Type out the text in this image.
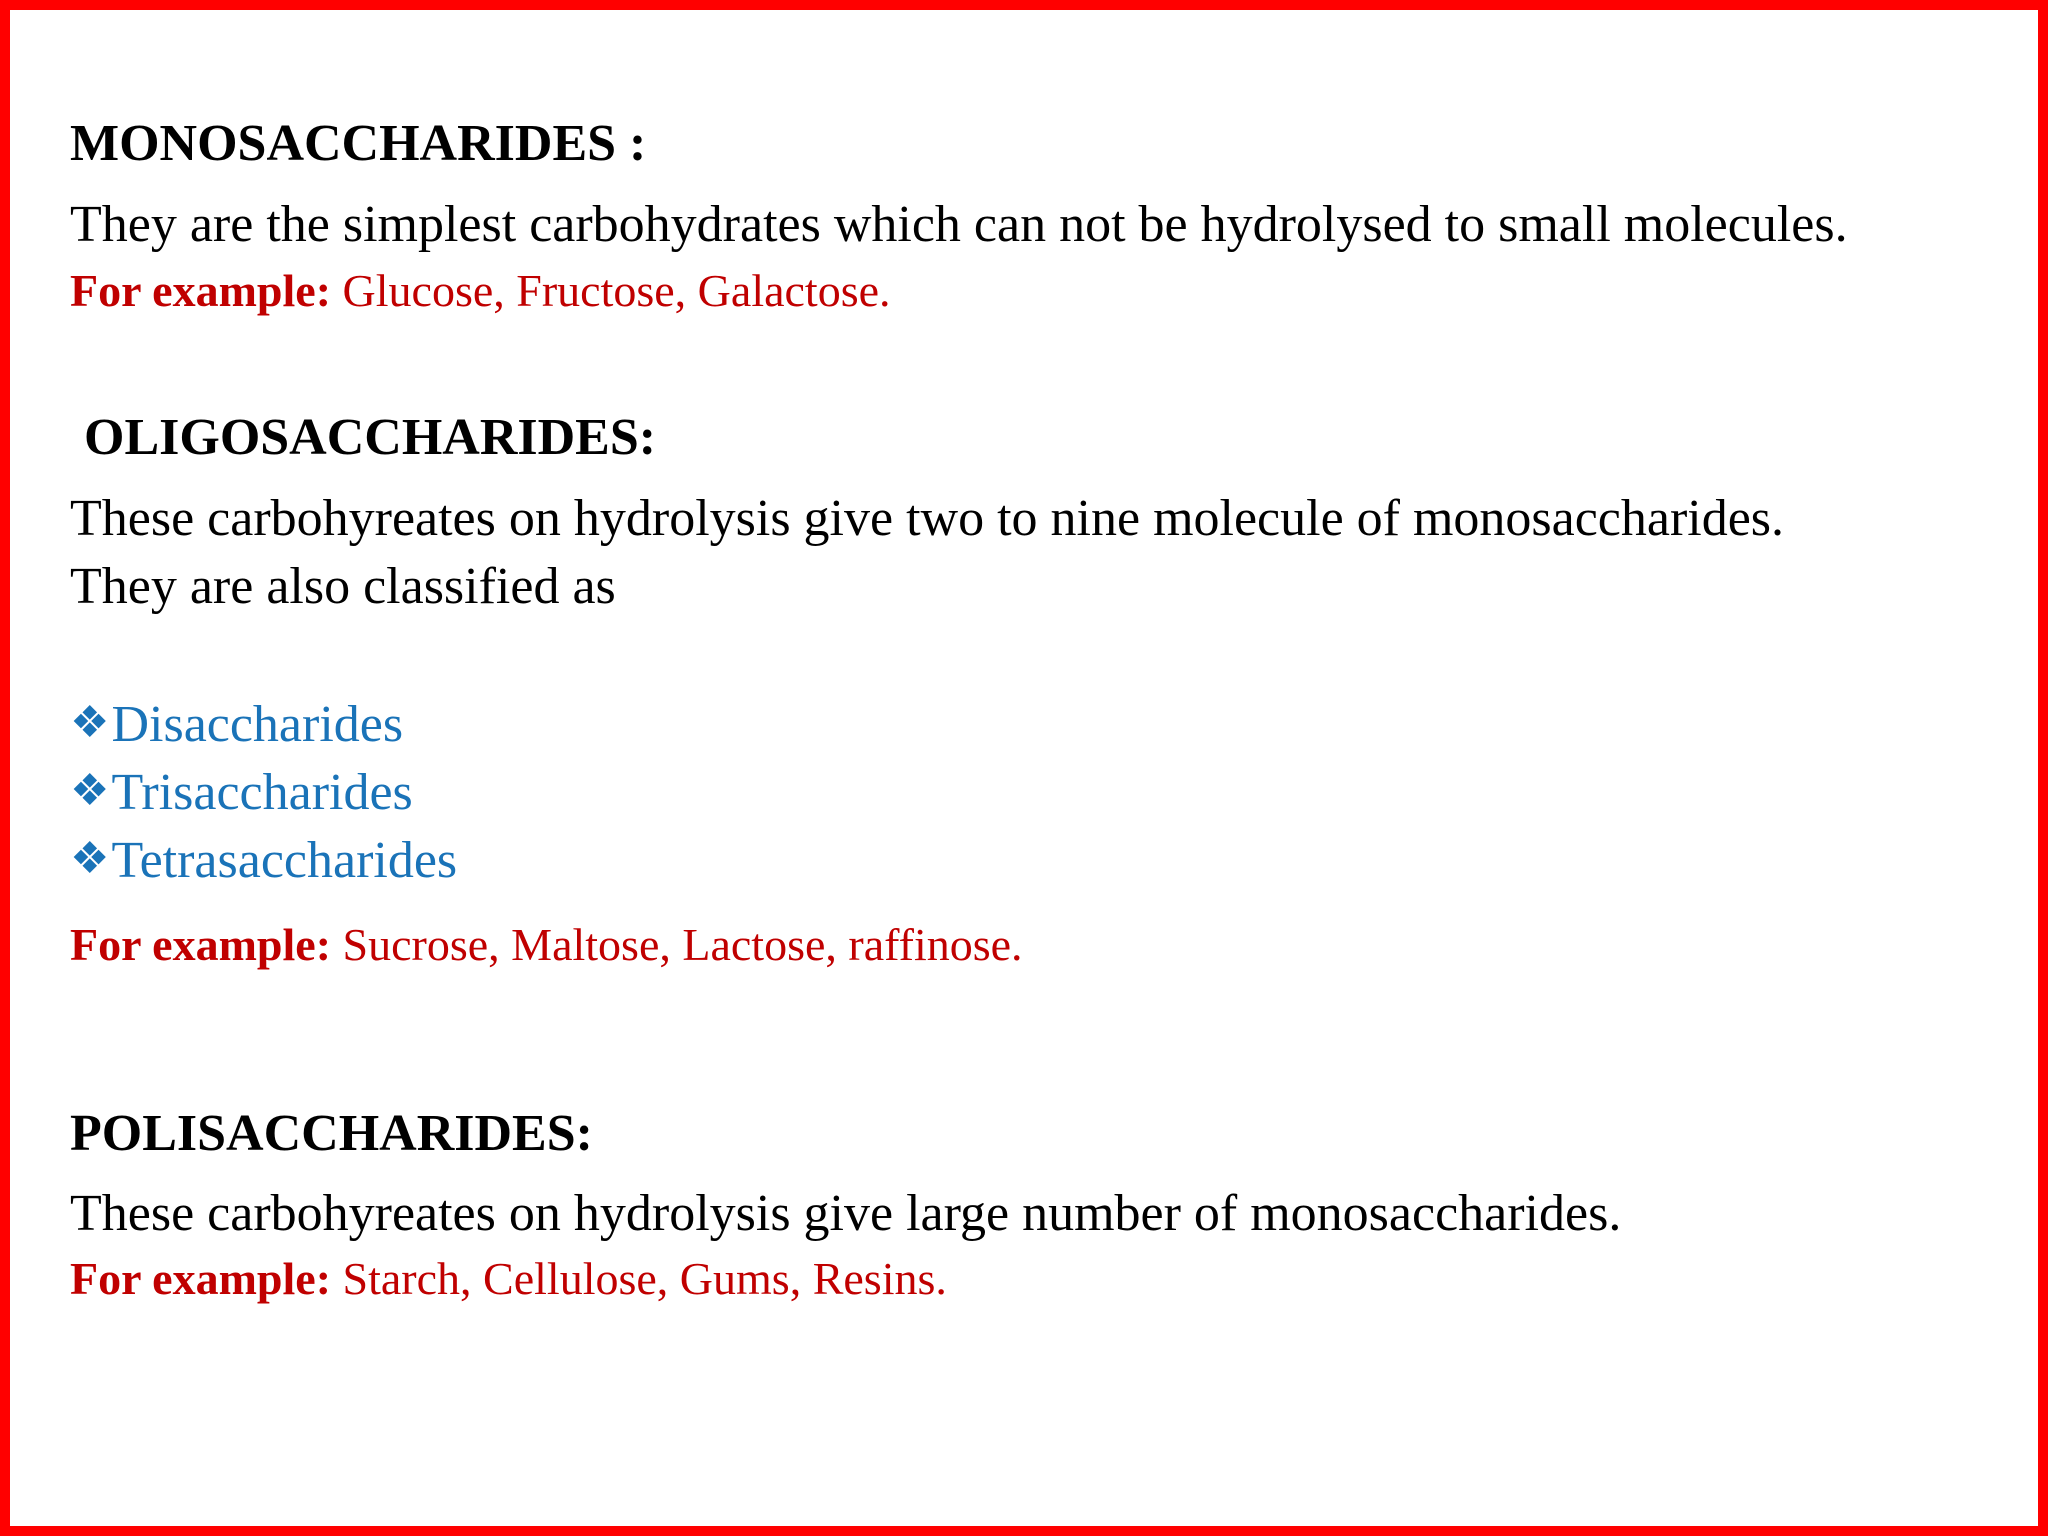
MONOSACCHARIDES :
They are the simplest carbohydrates which can not be hydrolysed to small molecules.
For example: Glucose, Fructose, Galactose.
OLIGOSACCHARIDES:
These carbohyreates on hydrolysis give two to nine molecule of monosaccharides.
They are also classified as
❖Disaccharides
❖Trisaccharides
❖Tetrasaccharides
For example: Sucrose, Maltose, Lactose, raffinose.
POLISACCHARIDES:
These carbohyreates on hydrolysis give large number of monosaccharides.
For example: Starch, Cellulose, Gums, Resins.
